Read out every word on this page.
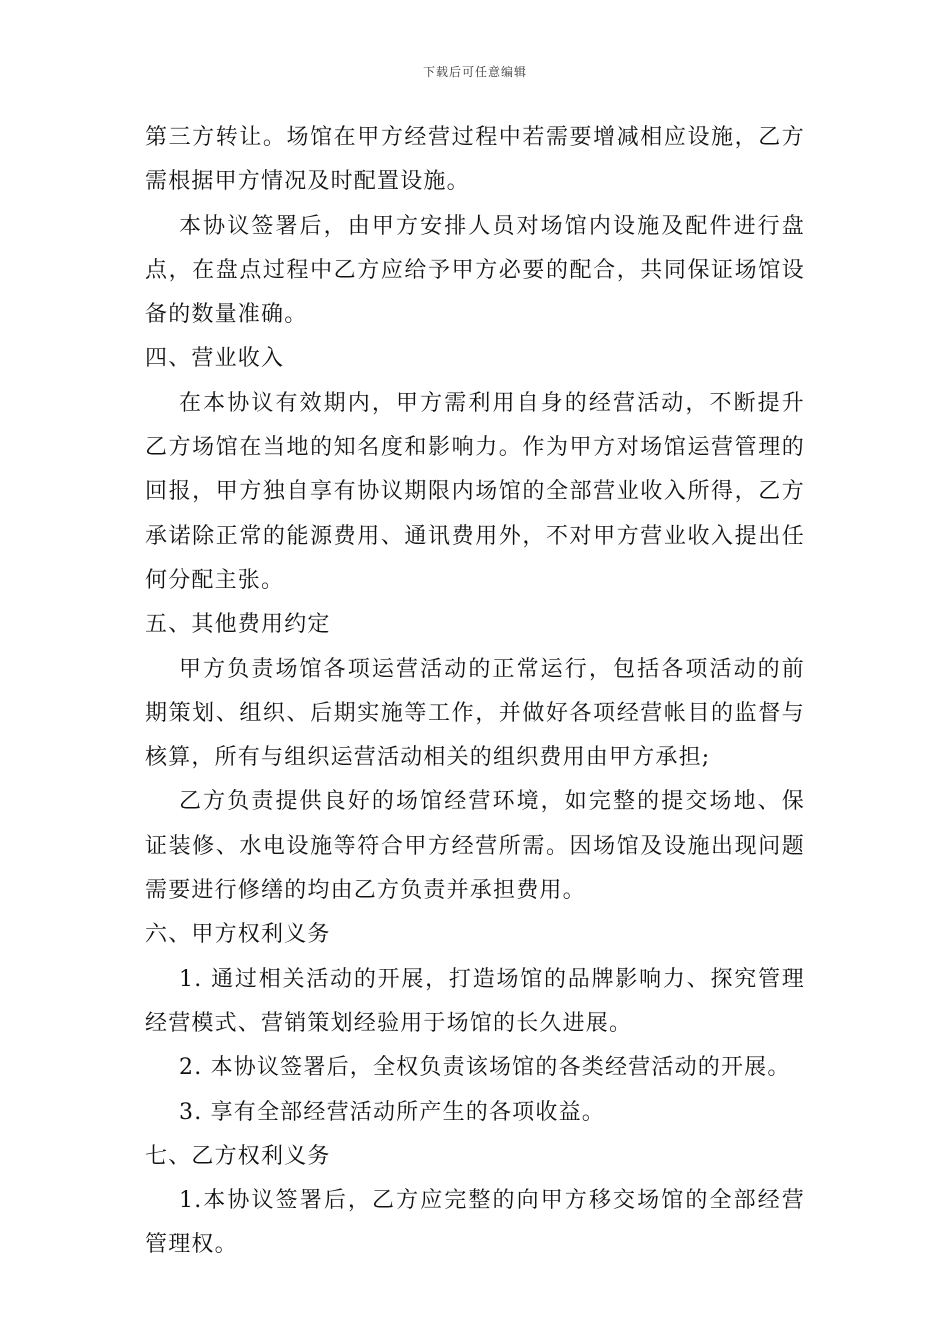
下载后可任意编辑

第三方转让。场馆在甲方经营过程中若需要增减相应设施，乙方需根据甲方情况及时配置设施。

本协议签署后，由甲方安排人员对场馆内设施及配件进行盘点，在盘点过程中乙方应给予甲方必要的配合，共同保证场馆设备的数量准确。

四、营业收入

在本协议有效期内，甲方需利用自身的经营活动，不断提升乙方场馆在当地的知名度和影响力。作为甲方对场馆运营管理的回报，甲方独自享有协议期限内场馆的全部营业收入所得，乙方承诺除正常的能源费用、通讯费用外，不对甲方营业收入提出任何分配主张。

五、其他费用约定

甲方负责场馆各项运营活动的正常运行，包括各项活动的前期策划、组织、后期实施等工作，并做好各项经营帐目的监督与核算，所有与组织运营活动相关的组织费用由甲方承担;

乙方负责提供良好的场馆经营环境，如完整的提交场地、保证装修、水电设施等符合甲方经营所需。因场馆及设施出现问题需要进行修缮的均由乙方负责并承担费用。

六、甲方权利义务

1. 通过相关活动的开展，打造场馆的品牌影响力、探究管理经营模式、营销策划经验用于场馆的长久进展。

2. 本协议签署后，全权负责该场馆的各类经营活动的开展。

3. 享有全部经营活动所产生的各项收益。

七、乙方权利义务

1.本协议签署后，乙方应完整的向甲方移交场馆的全部经营管理权。
